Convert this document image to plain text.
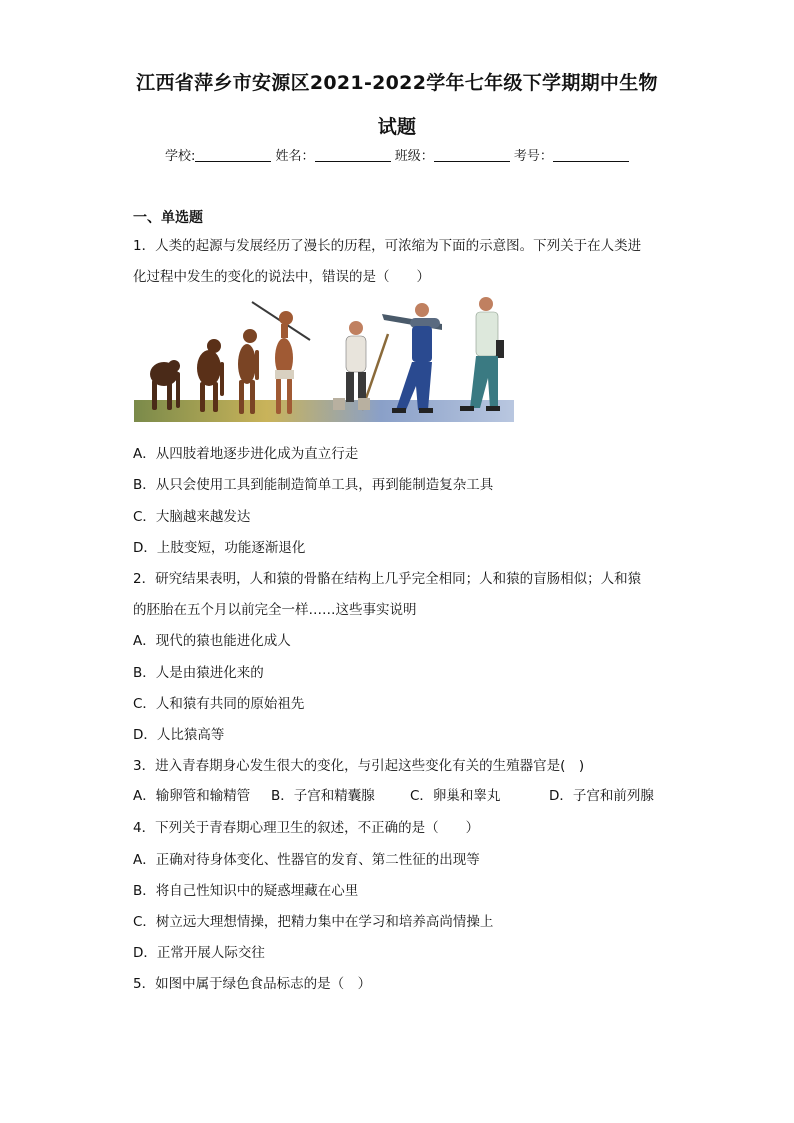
江西省萍乡市安源区2021-2022学年七年级下学期期中生物
试题
学校:	姓名：	班级：	考号：
一、单选题
1．人类的起源与发展经历了漫长的历程，可浓缩为下面的示意图。下列关于在人类进
化过程中发生的变化的说法中，错误的是（　　）
A．从四肢着地逐步进化成为直立行走
B．从只会使用工具到能制造简单工具，再到能制造复杂工具
C．大脑越来越发达
D．上肢变短，功能逐渐退化
2．研究结果表明，人和猿的骨骼在结构上几乎完全相同；人和猿的盲肠相似；人和猿
的胚胎在五个月以前完全一样……这些事实说明
A．现代的猿也能进化成人
B．人是由猿进化来的
C．人和猿有共同的原始祖先
D．人比猿高等
3．进入青春期身心发生很大的变化，与引起这些变化有关的生殖器官是(　)
A．输卵管和输精管 B．子宫和精囊腺	C．卵巢和睾丸	D．子宫和前列腺
4．下列关于青春期心理卫生的叙述，不正确的是（　　）
A．正确对待身体变化、性器官的发育、第二性征的出现等
B．将自己性知识中的疑惑埋藏在心里
C．树立远大理想情操，把精力集中在学习和培养高尚情操上
D．正常开展人际交往
5．如图中属于绿色食品标志的是（　）
